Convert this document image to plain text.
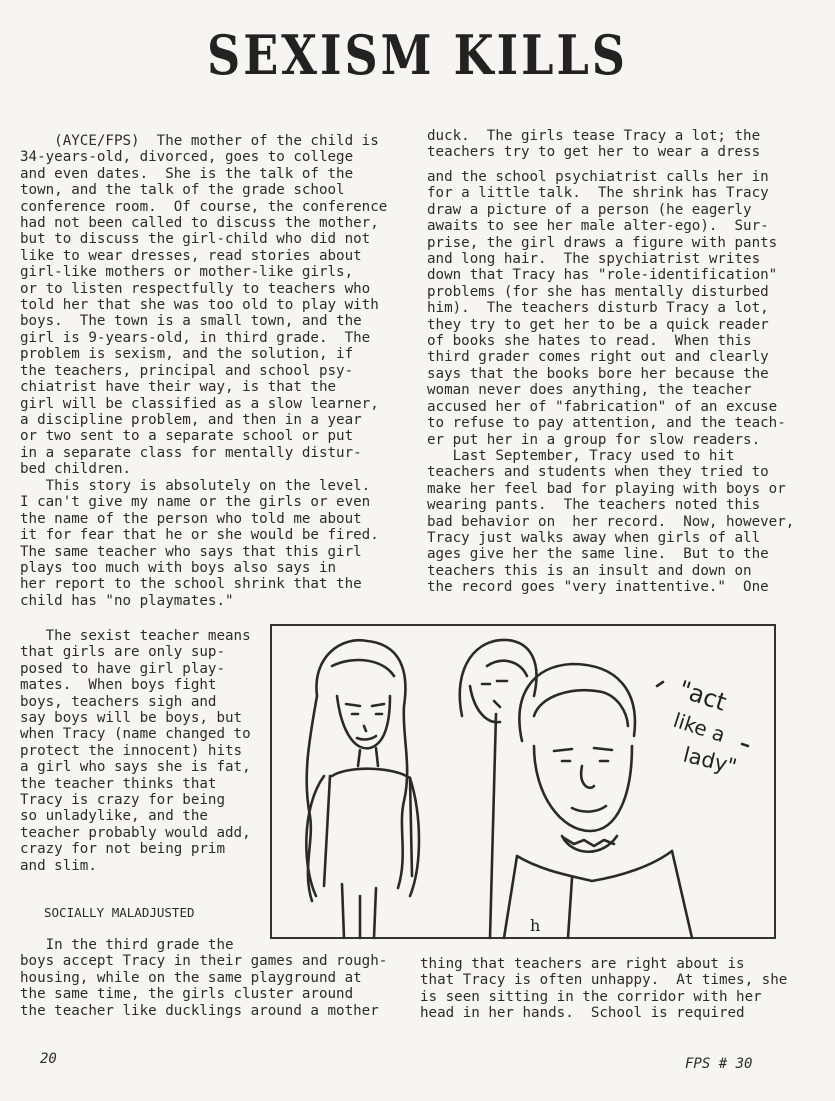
SEXISM KILLS
(AYCE/FPS)  The mother of the child is
34-years-old, divorced, goes to college
and even dates.  She is the talk of the
town, and the talk of the grade school
conference room.  Of course, the conference
had not been called to discuss the mother,
but to discuss the girl-child who did not
like to wear dresses, read stories about
girl-like mothers or mother-like girls,
or to listen respectfully to teachers who
told her that she was too old to play with
boys.  The town is a small town, and the
girl is 9-years-old, in third grade.  The
problem is sexism, and the solution, if
the teachers, principal and school psy-
chiatrist have their way, is that the
girl will be classified as a slow learner,
a discipline problem, and then in a year
or two sent to a separate school or put
in a separate class for mentally distur-
bed children.
This story is absolutely on the level.
I can't give my name or the girls or even
the name of the person who told me about
it for fear that he or she would be fired.
The same teacher who says that this girl
plays too much with boys also says in
her report to the school shrink that the
child has "no playmates."
The sexist teacher means
that girls are only sup-
posed to have girl play-
mates.  When boys fight
boys, teachers sigh and
say boys will be boys, but
when Tracy (name changed to
protect the innocent) hits
a girl who says she is fat,
the teacher thinks that
Tracy is crazy for being
so unladylike, and the
teacher probably would add,
crazy for not being prim
and slim.
SOCIALLY MALADJUSTED
In the third grade the
boys accept Tracy in their games and rough-
housing, while on the same playground at
the same time, the girls cluster around
the teacher like ducklings around a mother
duck.  The girls tease Tracy a lot; the
teachers try to get her to wear a dress
and the school psychiatrist calls her in
for a little talk.  The shrink has Tracy
draw a picture of a person (he eagerly
awaits to see her male alter-ego).  Sur-
prise, the girl draws a figure with pants
and long hair.  The spychiatrist writes
down that Tracy has "role-identification"
problems (for she has mentally disturbed
him).  The teachers disturb Tracy a lot,
they try to get her to be a quick reader
of books she hates to read.  When this
third grader comes right out and clearly
says that the books bore her because the
woman never does anything, the teacher
accused her of "fabrication" of an excuse
to refuse to pay attention, and the teach-
er put her in a group for slow readers.
Last September, Tracy used to hit
teachers and students when they tried to
make her feel bad for playing with boys or
wearing pants.  The teachers noted this
bad behavior on  her record.  Now, however,
Tracy just walks away when girls of all
ages give her the same line.  But to the
teachers this is an insult and down on
the record goes "very inattentive."  One
thing that teachers are right about is
that Tracy is often unhappy.  At times, she
is seen sitting in the corridor with her
head in her hands.  School is required
"act
like a
lady"
h
20	FPS # 30
